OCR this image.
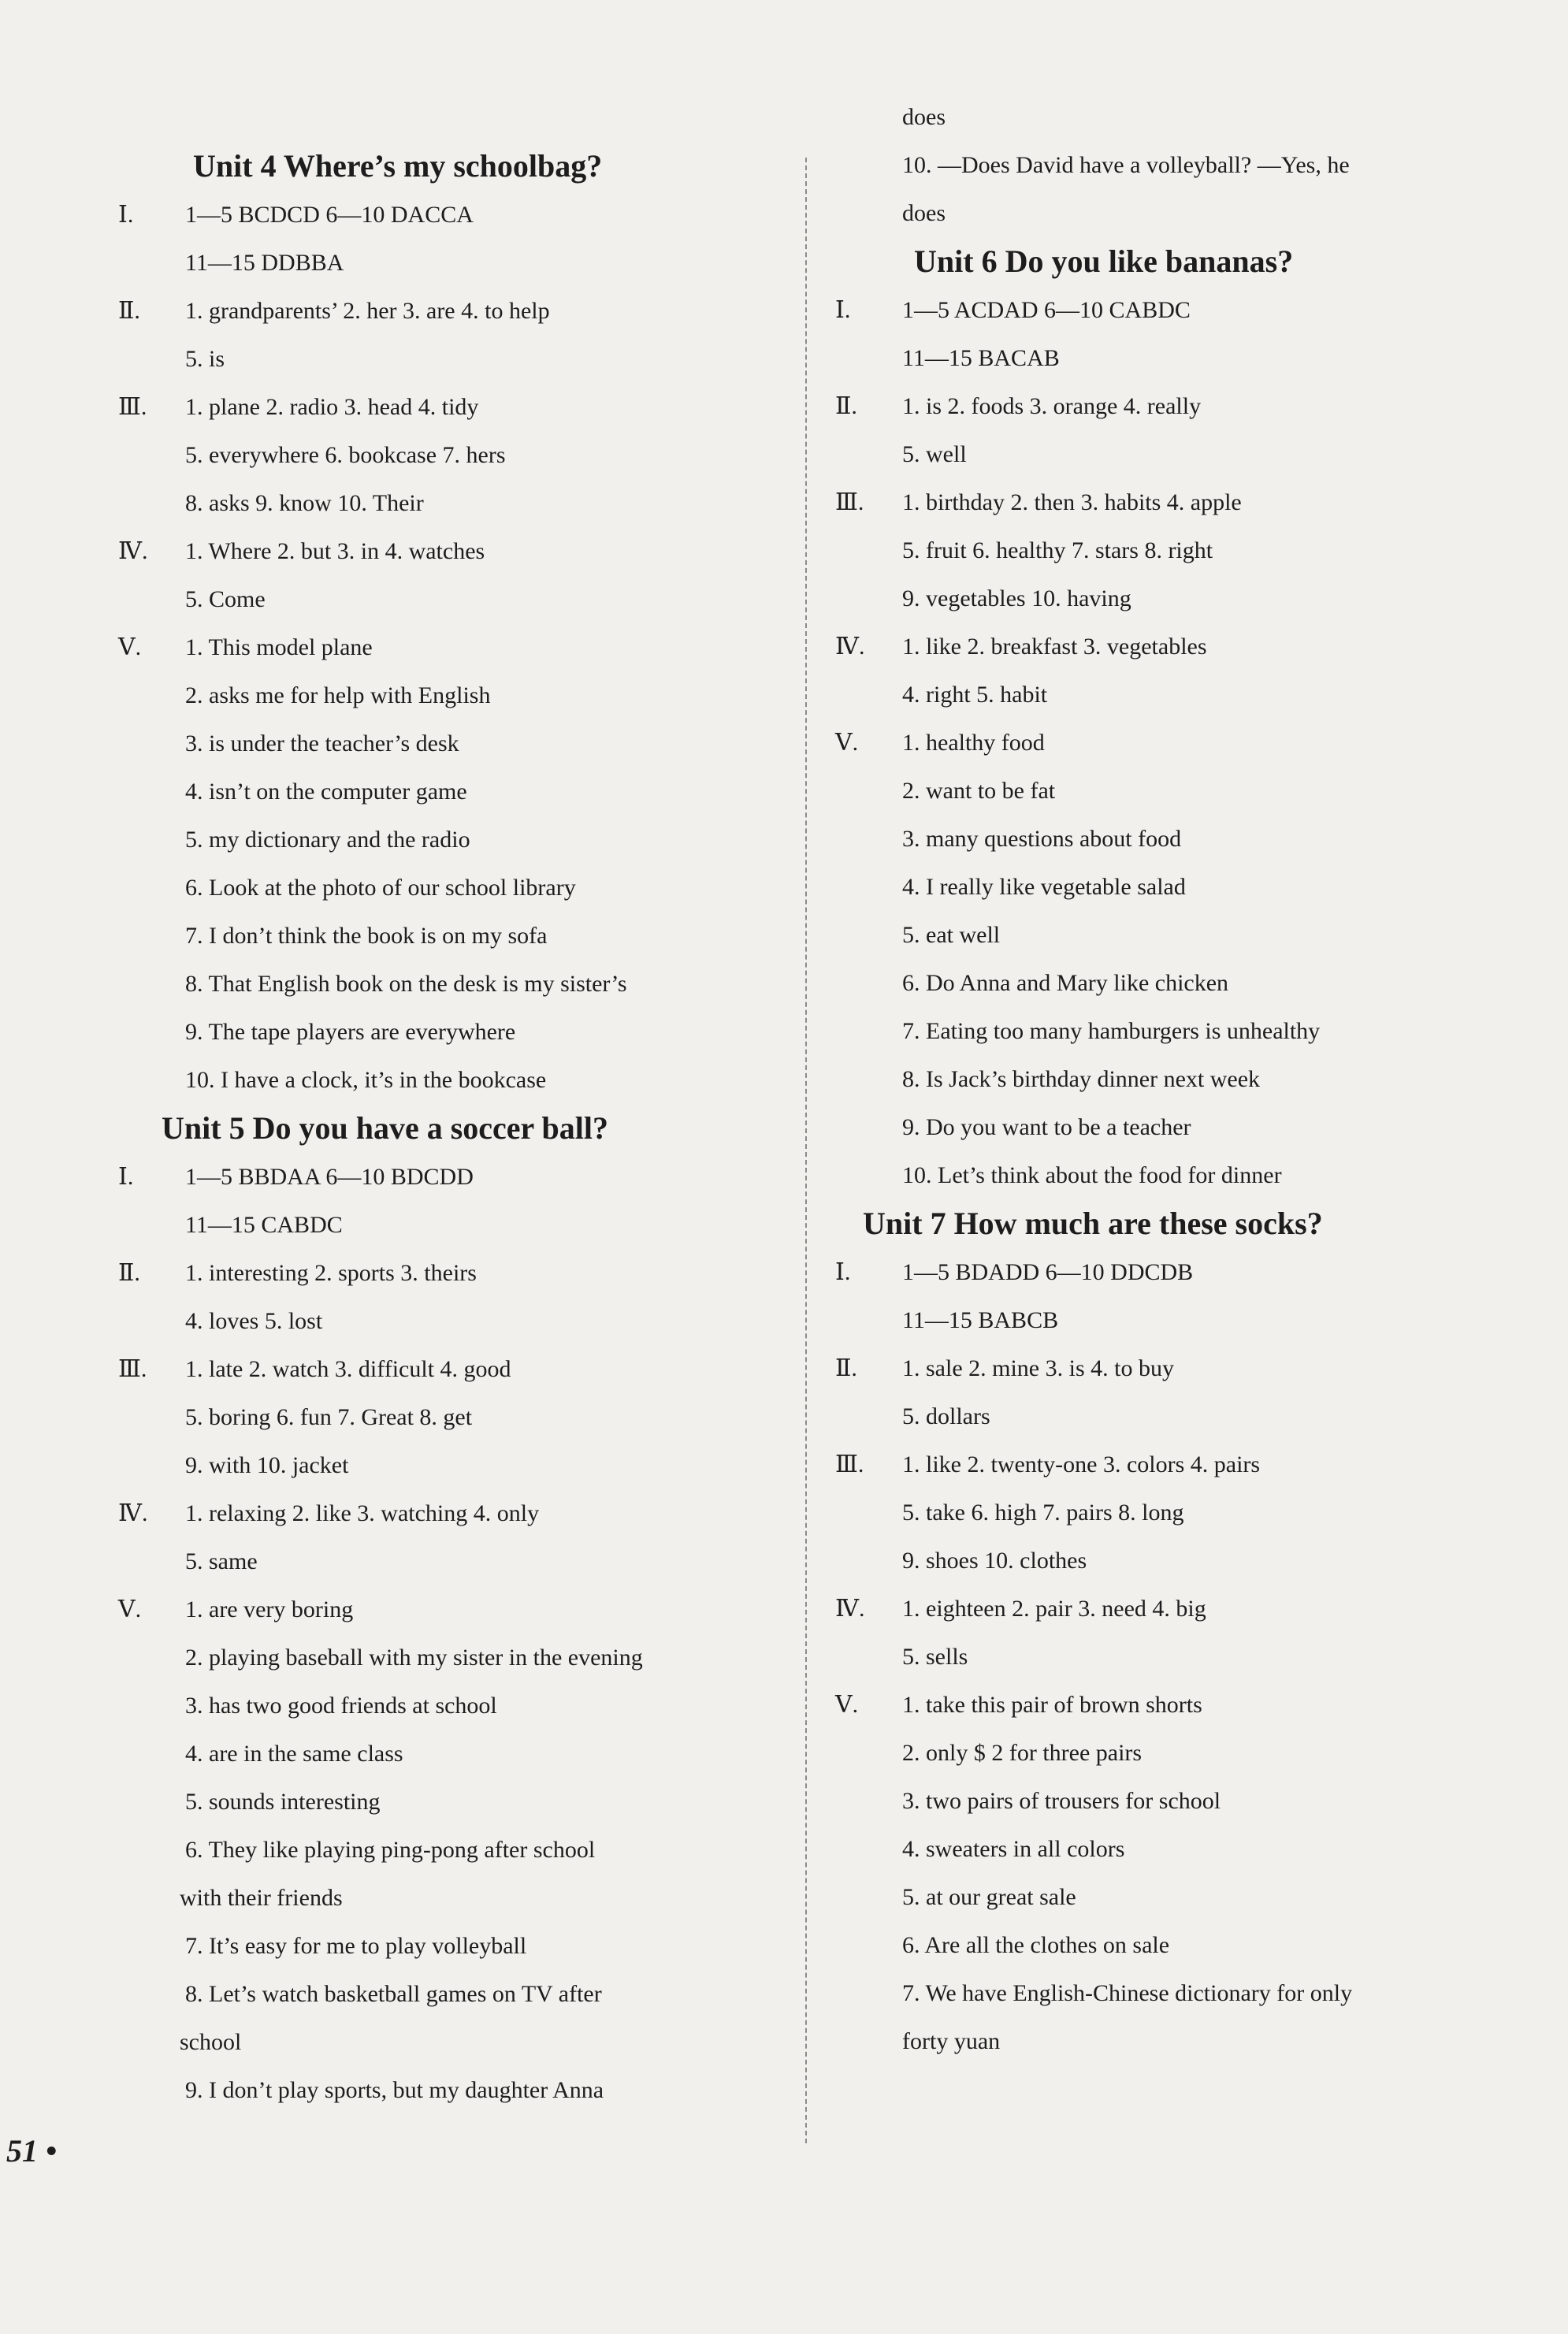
Unit 4 Where’s my schoolbag?
Ⅰ.	1—5 BCDCD 6—10 DACCA
11—15 DDBBA
Ⅱ.	1. grandparents’ 2. her 3. are 4. to help
5. is
Ⅲ.	1. plane 2. radio 3. head 4. tidy
5. everywhere 6. bookcase 7. hers
8. asks 9. know 10. Their
Ⅳ.	1. Where 2. but 3. in 4. watches
5. Come
Ⅴ.	1. This model plane
2. asks me for help with English
3. is under the teacher’s desk
4. isn’t on the computer game
5. my dictionary and the radio
6. Look at the photo of our school library
7. I don’t think the book is on my sofa
8. That English book on the desk is my sister’s
9. The tape players are everywhere
10. I have a clock, it’s in the bookcase
Unit 5 Do you have a soccer ball?
Ⅰ.	1—5 BBDAA 6—10 BDCDD
11—15 CABDC
Ⅱ.	1. interesting 2. sports 3. theirs
4. loves 5. lost
Ⅲ.	1. late 2. watch 3. difficult 4. good
5. boring 6. fun 7. Great 8. get
9. with 10. jacket
Ⅳ.	1. relaxing 2. like 3. watching 4. only
5. same
Ⅴ.	1. are very boring
2. playing baseball with my sister in the evening
3. has two good friends at school
4. are in the same class
5. sounds interesting
6. They like playing ping-pong after school
with their friends
7. It’s easy for me to play volleyball
8. Let’s watch basketball games on TV after
school
9. I don’t play sports, but my daughter Anna
does
10. —Does David have a volleyball? —Yes, he
does
Unit 6 Do you like bananas?
Ⅰ.	1—5 ACDAD 6—10 CABDC
11—15 BACAB
Ⅱ.	1. is 2. foods 3. orange 4. really
5. well
Ⅲ.	1. birthday 2. then 3. habits 4. apple
5. fruit 6. healthy 7. stars 8. right
9. vegetables 10. having
Ⅳ.	1. like 2. breakfast 3. vegetables
4. right 5. habit
Ⅴ.	1. healthy food
2. want to be fat
3. many questions about food
4. I really like vegetable salad
5. eat well
6. Do Anna and Mary like chicken
7. Eating too many hamburgers is unhealthy
8. Is Jack’s birthday dinner next week
9. Do you want to be a teacher
10. Let’s think about the food for dinner
Unit 7 How much are these socks?
Ⅰ.	1—5 BDADD 6—10 DDCDB
11—15 BABCB
Ⅱ.	1. sale 2. mine 3. is 4. to buy
5. dollars
Ⅲ.	1. like 2. twenty-one 3. colors 4. pairs
5. take 6. high 7. pairs 8. long
9. shoes 10. clothes
Ⅳ.	1. eighteen 2. pair 3. need 4. big
5. sells
Ⅴ.	1. take this pair of brown shorts
2. only $ 2 for three pairs
3. two pairs of trousers for school
4. sweaters in all colors
5. at our great sale
6. Are all the clothes on sale
7. We have English-Chinese dictionary for only
forty yuan
51 •
